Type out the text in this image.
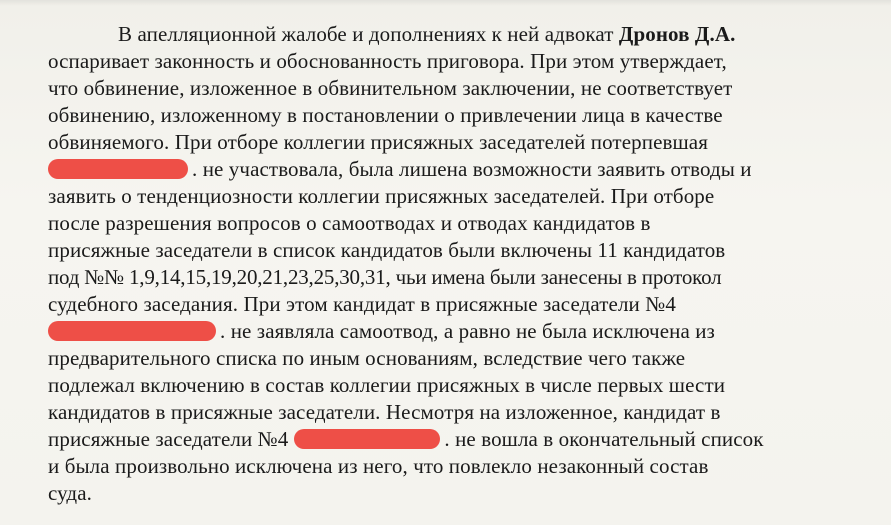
В апелляционной жалобе и дополнениях к ней адвокат Дронов Д.А.
оспаривает законность и обоснованность приговора. При этом утверждает,
что обвинение, изложенное в обвинительном заключении, не соответствует
обвинению, изложенному в постановлении о привлечении лица в качестве
обвиняемого. При отборе коллегии присяжных заседателей потерпевшая
. не участвовала, была лишена возможности заявить отводы и
заявить о тенденциозности коллегии присяжных заседателей. При отборе
после разрешения вопросов о самоотводах и отводах кандидатов в
присяжные заседатели в список кандидатов были включены 11 кандидатов
под №№ 1,9,14,15,19,20,21,23,25,30,31, чьи имена были занесены в протокол
судебного заседания. При этом кандидат в присяжные заседатели №4
. не заявляла самоотвод, а равно не была исключена из
предварительного списка по иным основаниям, вследствие чего также
подлежал включению в состав коллегии присяжных в числе первых шести
кандидатов в присяжные заседатели. Несмотря на изложенное, кандидат в
присяжные заседатели №4	. не вошла в окончательный список
и была произвольно исключена из него, что повлекло незаконный состав
суда.
